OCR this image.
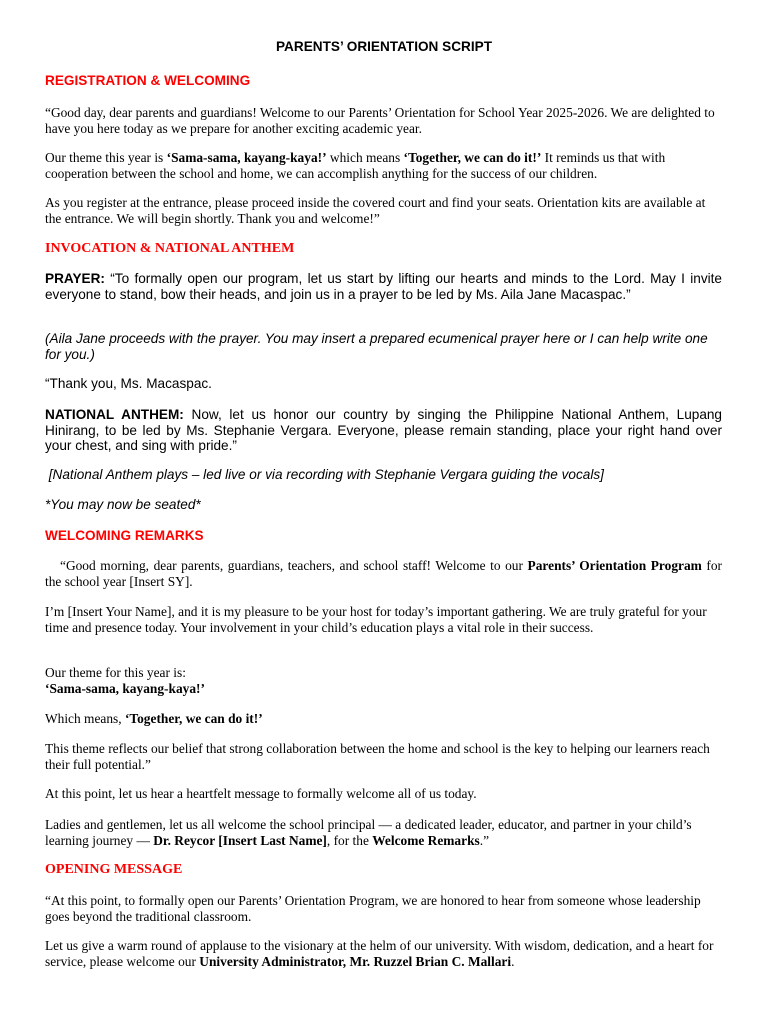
PARENTS’ ORIENTATION SCRIPT
REGISTRATION & WELCOMING

“Good day, dear parents and guardians! Welcome to our Parents’ Orientation for School Year 2025-2026. We are delighted to have you here today as we prepare for another exciting academic year.

Our theme this year is ‘Sama-sama, kayang-kaya!’ which means ‘Together, we can do it!’ It reminds us that with cooperation between the school and home, we can accomplish anything for the success of our children.

As you register at the entrance, please proceed inside the covered court and find your seats. Orientation kits are available at the entrance. We will begin shortly. Thank you and welcome!”

INVOCATION & NATIONAL ANTHEM

PRAYER: “To formally open our program, let us start by lifting our hearts and minds to the Lord. May I invite everyone to stand, bow their heads, and join us in a prayer to be led by Ms. Aila Jane Macaspac.”

(Aila Jane proceeds with the prayer. You may insert a prepared ecumenical prayer here or I can help write one for you.)

“Thank you, Ms. Macaspac.

NATIONAL ANTHEM: Now, let us honor our country by singing the Philippine National Anthem, Lupang Hinirang, to be led by Ms. Stephanie Vergara. Everyone, please remain standing, place your right hand over your chest, and sing with pride.”

[National Anthem plays – led live or via recording with Stephanie Vergara guiding the vocals]

*You may now be seated*

WELCOMING REMARKS

“Good morning, dear parents, guardians, teachers, and school staff! Welcome to our Parents’ Orientation Program for the school year [Insert SY].

I’m [Insert Your Name], and it is my pleasure to be your host for today’s important gathering. We are truly grateful for your time and presence today. Your involvement in your child’s education plays a vital role in their success.

Our theme for this year is:
‘Sama-sama, kayang-kaya!’

Which means, ‘Together, we can do it!’

This theme reflects our belief that strong collaboration between the home and school is the key to helping our learners reach their full potential.”

At this point, let us hear a heartfelt message to formally welcome all of us today.

Ladies and gentlemen, let us all welcome the school principal — a dedicated leader, educator, and partner in your child’s learning journey — Dr. Reycor [Insert Last Name], for the Welcome Remarks.”

OPENING MESSAGE

“At this point, to formally open our Parents’ Orientation Program, we are honored to hear from someone whose leadership goes beyond the traditional classroom.

Let us give a warm round of applause to the visionary at the helm of our university. With wisdom, dedication, and a heart for service, please welcome our University Administrator, Mr. Ruzzel Brian C. Mallari.
